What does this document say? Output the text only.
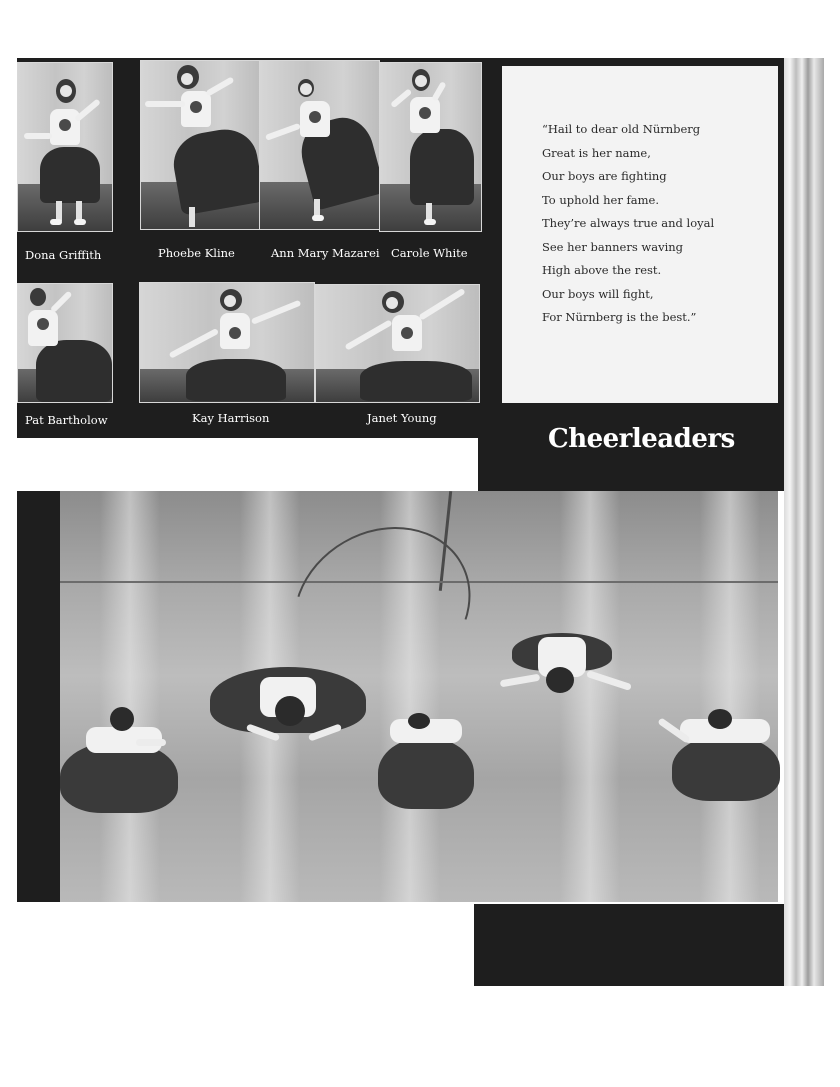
Dona Griffith	Phoebe Kline	Ann Mary Mazarei Carole White
Pat Bartholow	Kay Harrison	Janet Young
“Hail to dear old Nürnberg
Great is her name,
Our boys are fighting
To uphold her fame.
They’re always true and loyal
See her banners waving
High above the rest.
Our boys will fight,
For Nürnberg is the best.”
Cheerleaders
